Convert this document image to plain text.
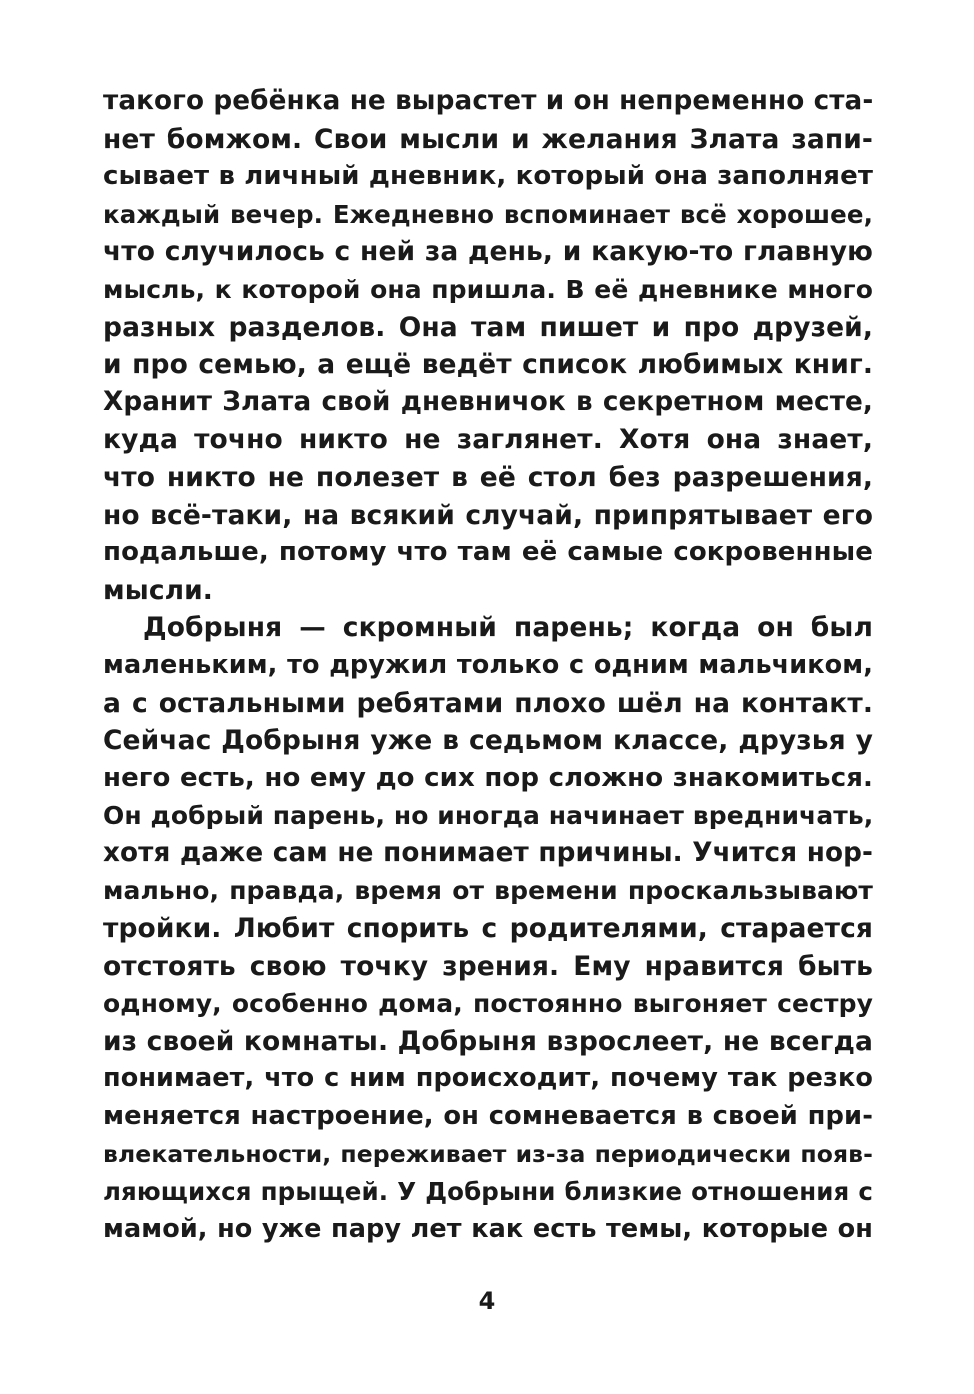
такого ребёнка не вырастет и он непременно ста-
нет бомжом. Свои мысли и желания Злата запи-
сывает в личный дневник, который она заполняет
каждый вечер. Ежедневно вспоминает всё хорошее,
что случилось с ней за день, и какую-то главную
мысль, к которой она пришла. В её дневнике много
разных разделов. Она там пишет и про друзей,
и про семью, а ещё ведёт список любимых книг.
Хранит Злата свой дневничок в секретном месте,
куда точно никто не заглянет. Хотя она знает,
что никто не полезет в её стол без разрешения,
но всё-таки, на всякий случай, припрятывает его
подальше, потому что там её самые сокровенные
мысли.
Добрыня — скромный парень; когда он был
маленьким, то дружил только с одним мальчиком,
а с остальными ребятами плохо шёл на контакт.
Сейчас Добрыня уже в седьмом классе, друзья у
него есть, но ему до сих пор сложно знакомиться.
Он добрый парень, но иногда начинает вредничать,
хотя даже сам не понимает причины. Учится нор-
мально, правда, время от времени проскальзывают
тройки. Любит спорить с родителями, старается
отстоять свою точку зрения. Ему нравится быть
одному, особенно дома, постоянно выгоняет сестру
из своей комнаты. Добрыня взрослеет, не всегда
понимает, что с ним происходит, почему так резко
меняется настроение, он сомневается в своей при-
влекательности, переживает из-за периодически появ-
ляющихся прыщей. У Добрыни близкие отношения с
мамой, но уже пару лет как есть темы, которые он
4
